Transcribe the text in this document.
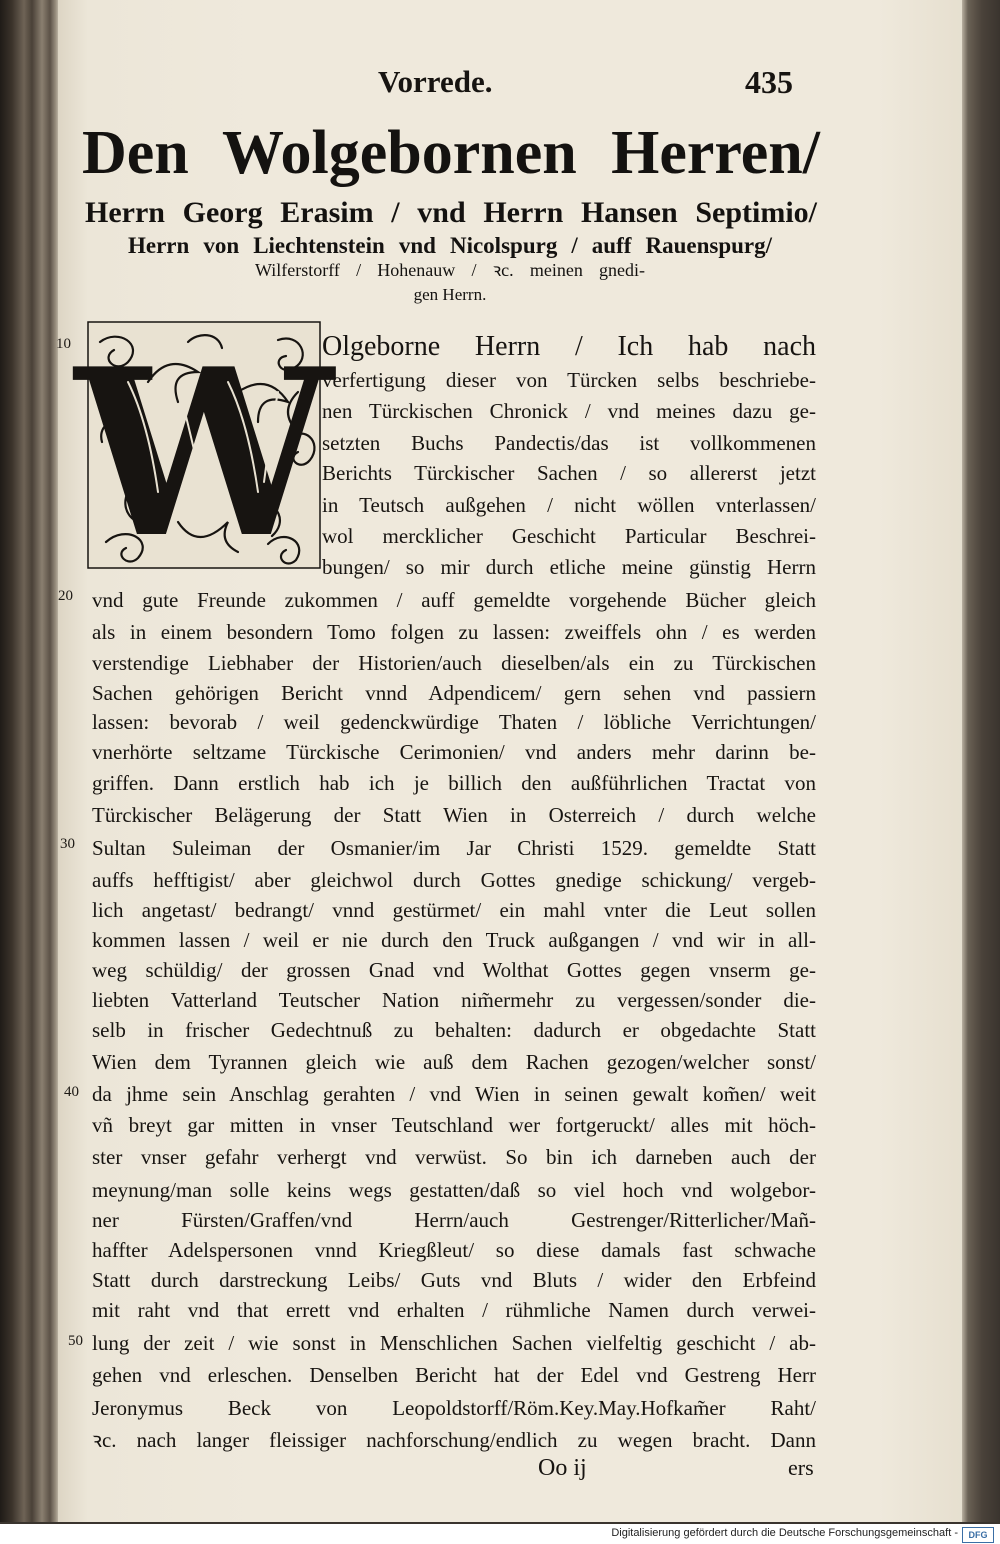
Vorrede.	435
Den Wolgebornen Herren/
Herrn Georg Erasim / vnd Herrn Hansen Septimio/
Herrn von Liechtenstein vnd Nicolspurg / auff Rauenspurg/
Wilferstorff / Hohenauw / ꝛc. meinen gnedi-
gen Herrn.
W
10
20
30
40
50
Olgeborne Herrn / Ich hab nach
verfertigung dieser von Türcken selbs beschriebe-
nen Türckischen Chronick / vnd meines dazu ge-
setzten Buchs Pandectis/das ist vollkommenen
Berichts Türckischer Sachen / so allererst jetzt
in Teutsch außgehen / nicht wöllen vnterlassen/
wol mercklicher Geschicht Particular Beschrei-
bungen/ so mir durch etliche meine günstig Herrn
vnd gute Freunde zukommen / auff gemeldte vorgehende Bücher gleich
als in einem besondern Tomo folgen zu lassen: zweiffels ohn / es werden
verstendige Liebhaber der Historien/auch dieselben/als ein zu Türckischen
Sachen gehörigen Bericht vnnd Adpendicem/ gern sehen vnd passiern
lassen: bevorab / weil gedenckwürdige Thaten / löbliche Verrichtungen/
vnerhörte seltzame Türckische Cerimonien/ vnd anders mehr darinn be-
griffen. Dann erstlich hab ich je billich den außführlichen Tractat von
Türckischer Belägerung der Statt Wien in Osterreich / durch welche
Sultan Suleiman der Osmanier/im Jar Christi 1529. gemeldte Statt
auffs hefftigist/ aber gleichwol durch Gottes gnedige schickung/ vergeb-
lich angetast/ bedrangt/ vnnd gestürmet/ ein mahl vnter die Leut sollen
kommen lassen / weil er nie durch den Truck außgangen / vnd wir in all-
weg schüldig/ der grossen Gnad vnd Wolthat Gottes gegen vnserm ge-
liebten Vatterland Teutscher Nation nim̃ermehr zu vergessen/sonder die-
selb in frischer Gedechtnuß zu behalten: dadurch er obgedachte Statt
Wien dem Tyrannen gleich wie auß dem Rachen gezogen/welcher sonst/
da jhme sein Anschlag gerahten / vnd Wien in seinen gewalt kom̃en/ weit
vñ breyt gar mitten in vnser Teutschland wer fortgeruckt/ alles mit höch-
ster vnser gefahr verhergt vnd verwüst. So bin ich darneben auch der
meynung/man solle keins wegs gestatten/daß so viel hoch vnd wolgebor-
ner Fürsten/Graffen/vnd Herrn/auch Gestrenger/Ritterlicher/Mañ-
haffter Adelspersonen vnnd Kriegßleut/ so diese damals fast schwache
Statt durch darstreckung Leibs/ Guts vnd Bluts / wider den Erbfeind
mit raht vnd that errett vnd erhalten / rühmliche Namen durch verwei-
lung der zeit / wie sonst in Menschlichen Sachen vielfeltig geschicht / ab-
gehen vnd erleschen. Denselben Bericht hat der Edel vnd Gestreng Herr
Jeronymus Beck von Leopoldstorff/Röm.Key.May.Hofkam̃er Raht/
ꝛc. nach langer fleissiger nachforschung/endlich zu wegen bracht. Dann
Oo ij	ers
Digitalisierung gefördert durch die Deutsche Forschungsgemeinschaft -	DFG
